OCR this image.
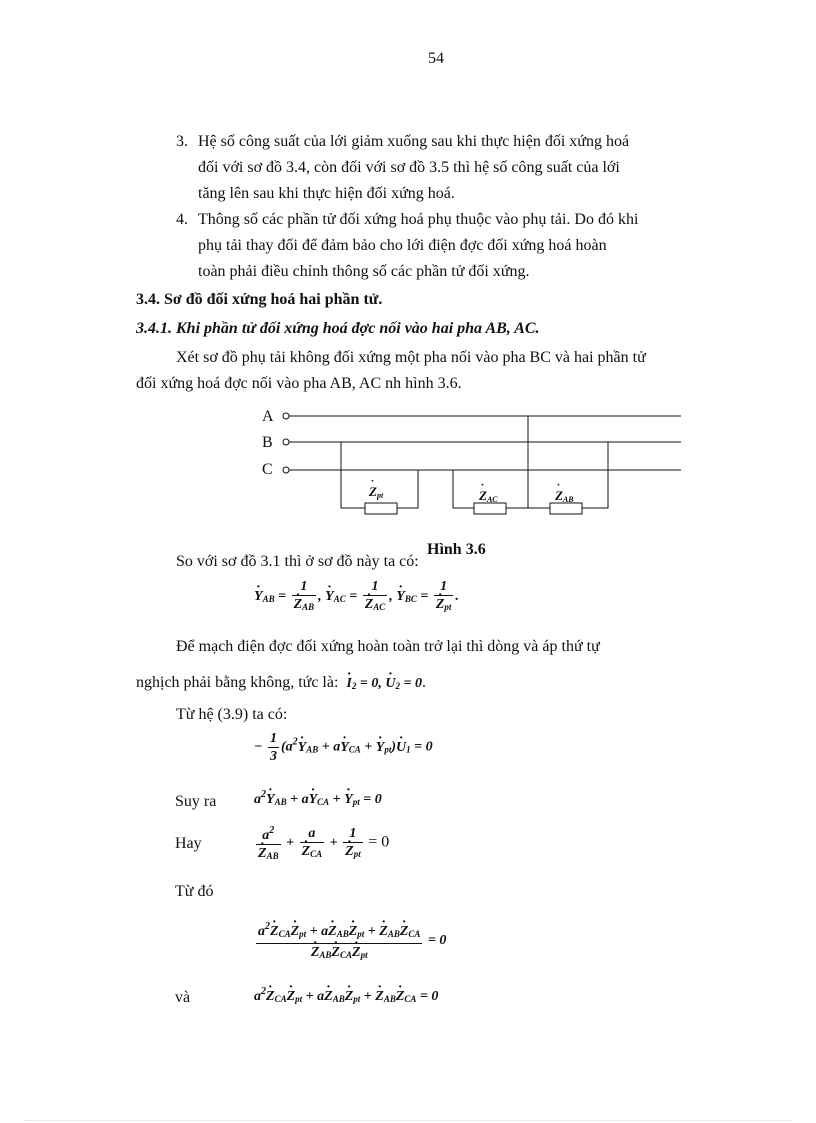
54
3. Hệ số công suất của lới giảm xuống sau khi thực hiện đối xứng hoá
đối với sơ đồ 3.4, còn đối với sơ đồ 3.5 thì hệ số công suất của lới
tăng lên sau khi thực hiện đối xứng hoá.
4. Thông số các phần tử đối xứng hoá phụ thuộc vào phụ tải. Do đó khi
phụ tải thay đổi để đảm bảo cho lới điện đợc đối xứng hoá hoàn
toàn phải điều chỉnh thông số các phần tử đối xứng.
3.4. Sơ đồ đối xứng hoá hai phần tử.
3.4.1. Khi phần tử đối xứng hoá đợc nối vào hai pha AB, AC.
Xét sơ đồ phụ tải không đối xứng một pha nối vào pha BC và hai phần tử
đối xứng hoá đợc nối vào pha AB, AC nh hình 3.6.
A
B
C
Zpt	ZAC	ZAB
·	·	·
Hình 3.6
So với sơ đồ 3.1 thì ở sơ đồ này ta có:
· $Y_{AB} = 1$
· $Z_{AB}$ , · $Y_{AC} = 1$
· $Z_{AC}$ , · $Y_{BC} = 1$
· $Z_{pt}$ .
Để mạch điện đợc đối xứng hoàn toàn trở lại thì dòng và áp thứ tự
nghịch phải bằng không, tức là: · $I_2 = 0$, · $U_2 = 0$.
Từ hệ (3.9) ta có:
− $\frac{1}{3} (a^2\cdot Y_{AB} + a\cdot Y_{CA}$ + · $Y_{pt})\cdot U_1 = 0$
Suy ra	$a^2\cdot Y_{AB} + a\cdot Y_{CA}$ + · $Y_{pt} = 0$
Hay	$a^2$
· $Z_{AB} + a$
· $Z_{CA} + 1$
· $Z_{pt} = 0$
Từ đó
$a^2\cdot Z_{CA}\cdot Z_{pt} + a\cdot Z_{AB}\cdot Z_{pt}$ + · $Z_{AB}\cdot Z_{CA}$
· $Z_{AB}\cdot Z_{CA}\cdot Z_{pt} = 0$
và	$a^2\cdot Z_{CA}\cdot Z_{pt} + a\cdot Z_{AB}\cdot Z_{pt}$ + · $Z_{AB}\cdot Z_{CA} = 0$
